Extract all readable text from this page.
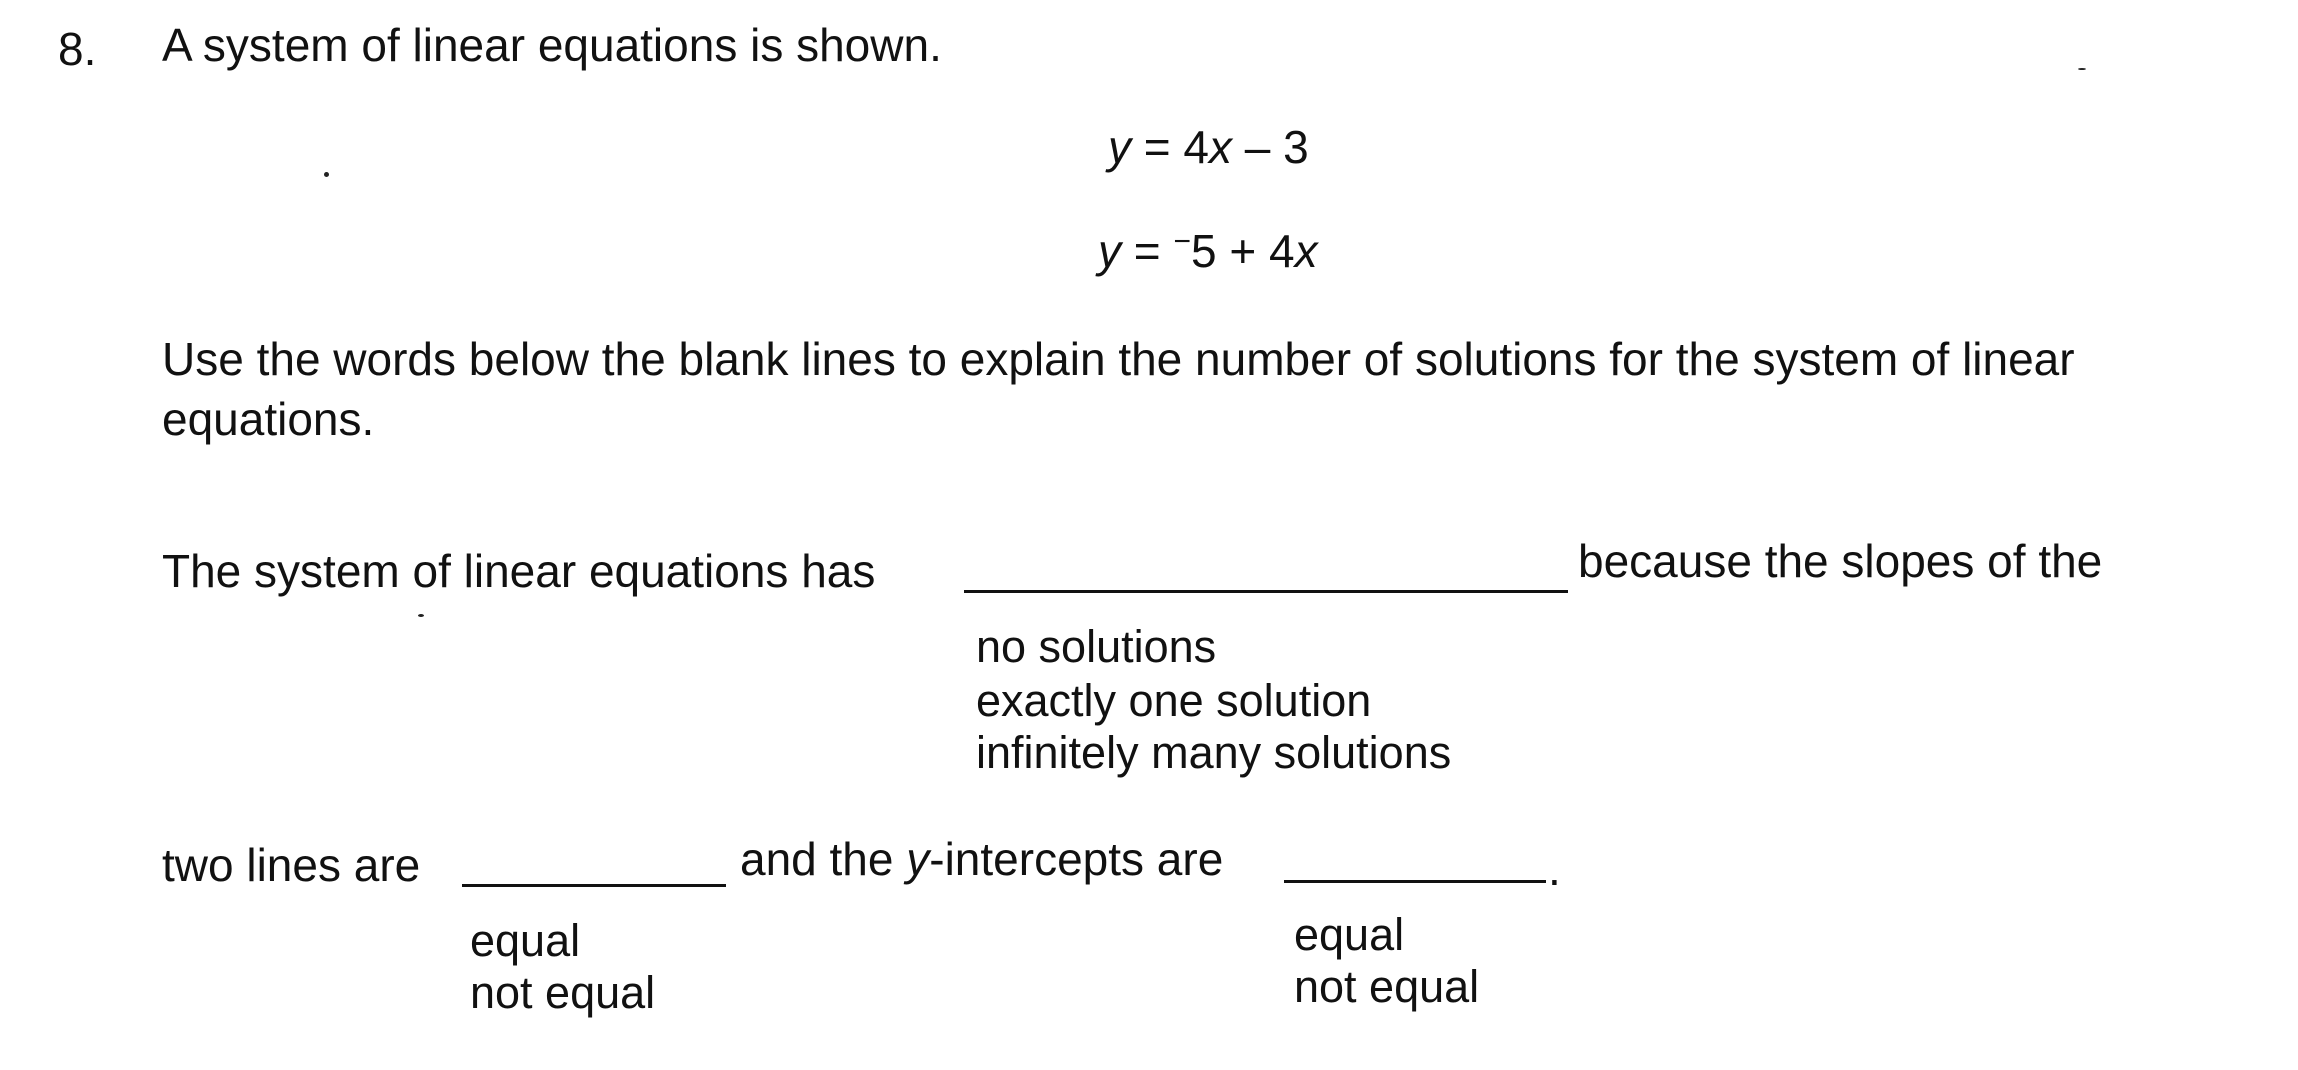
8. A system of linear equations is shown.
y = 4x – 3
y = −5 + 4x
Use the words below the blank lines to explain the number of solutions for the system of linear
equations.
The system of linear equations has	because the slopes of the
no solutions
exactly one solution
infinitely many solutions
two lines are	and the y-intercepts are	.
equal
not equal
equal
not equal
